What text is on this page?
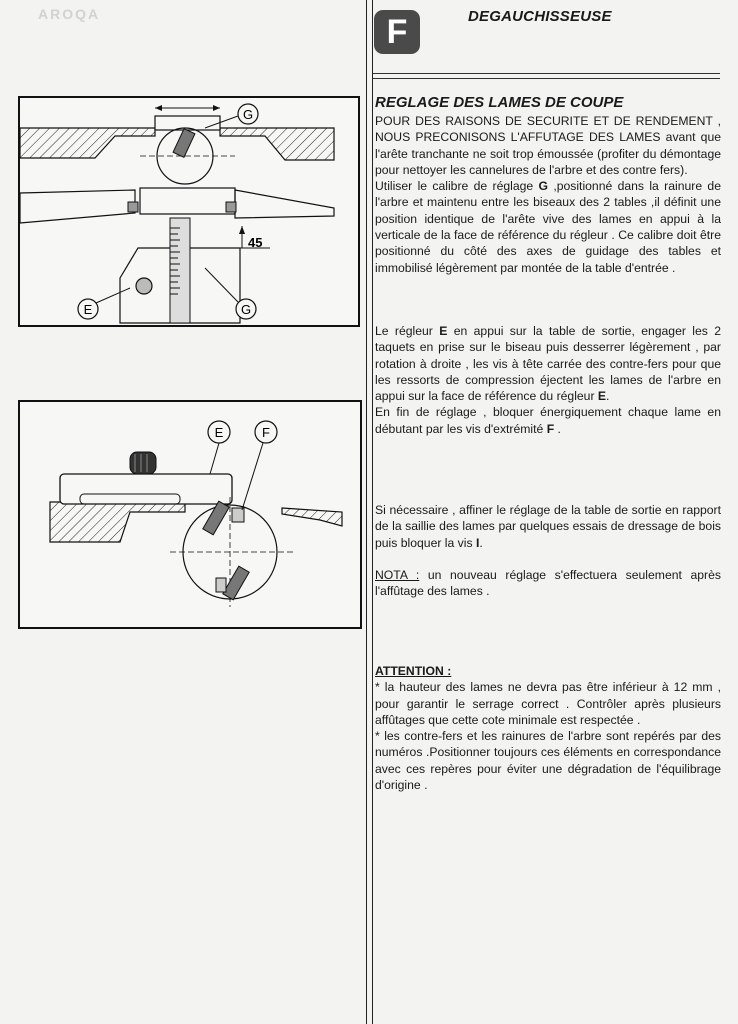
AROQA	F	DEGAUCHISSEUSE
REGLAGE DES LAMES DE COUPE

POUR DES RAISONS DE SECURITE ET DE RENDEMENT , NOUS PRECONISONS L'AFFUTAGE DES LAMES avant que l'arête tranchante ne soit trop émoussée (profiter du démontage pour nettoyer les cannelures de l'arbre et des contre fers).

Utiliser le calibre de réglage G ,positionné dans la rainure de l'arbre et maintenu entre les biseaux des 2 tables ,il définit une position identique de l'arête vive des lames en appui à la verticale de la face de référence du régleur . Ce calibre doit être positionné du côté des axes de guidage des tables et immobilisé légèrement par montée de la table d'entrée .

Le régleur E en appui sur la table de sortie, engager les 2 taquets en prise sur le biseau puis desserrer légèrement , par rotation à droite , les vis à tête carrée des contre-fers pour que les ressorts de compression éjectent les lames de l'arbre en appui sur la face de référence du régleur E.

En fin de réglage , bloquer énergiquement chaque lame en débutant par les vis d'extrémité F .

Si nécessaire , affiner le réglage de la table de sortie en rapport de la saillie des lames par quelques essais de dressage de bois puis bloquer la vis I.

NOTA : un nouveau réglage s'effectuera seulement après l'affûtage des lames .

ATTENTION :

* la hauteur des lames ne devra pas être inférieur à 12 mm , pour garantir le serrage correct . Contrôler après plusieurs affûtages que cette cote minimale est respectée .

* les contre-fers et les rainures de l'arbre sont repérés par des numéros .Positionner toujours ces éléments en correspondance avec ces repères pour éviter une dégradation de l'équilibrage d'origine .

G
45
E	G
E	F
